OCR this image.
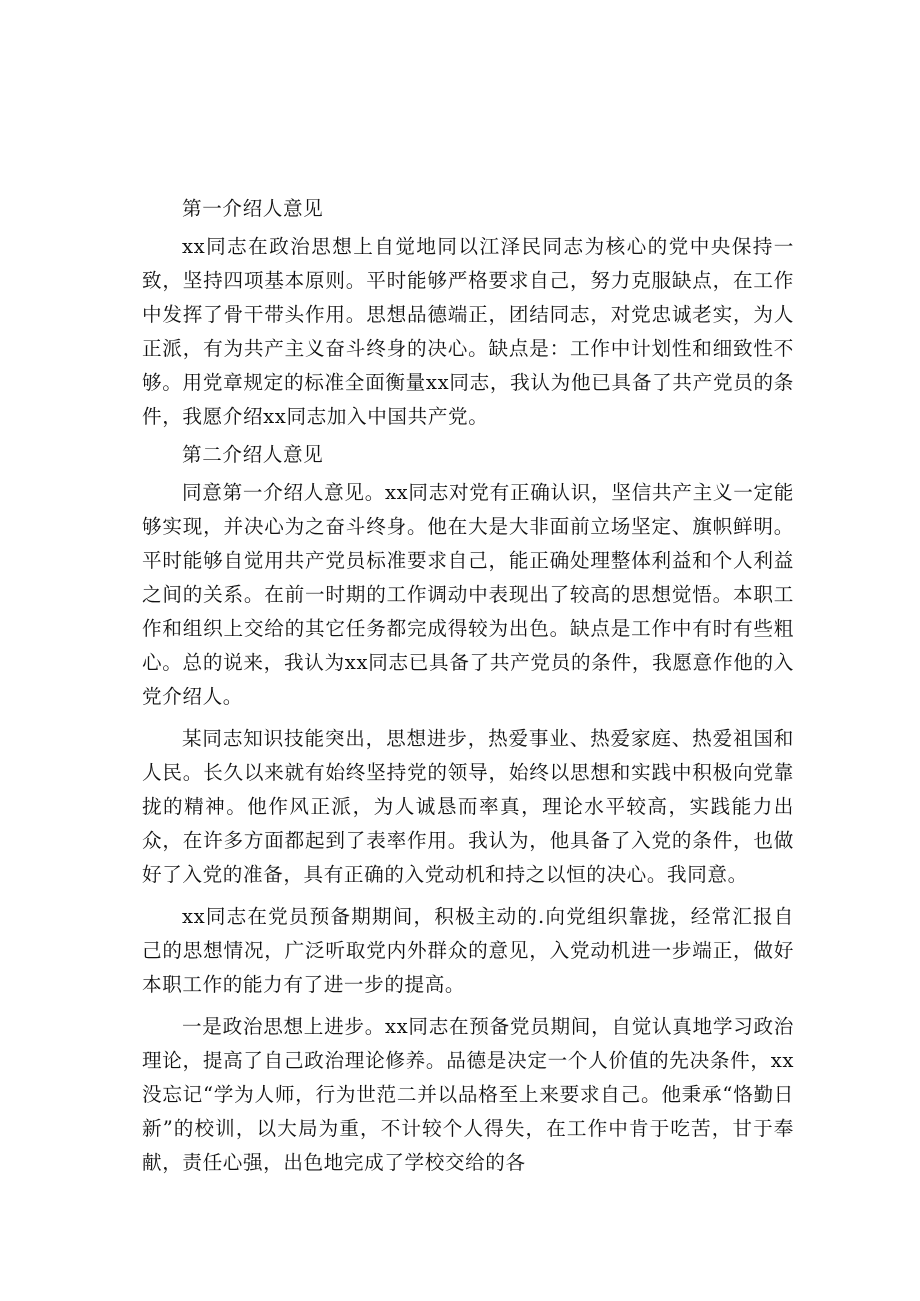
第一介绍人意见

xx同志在政治思想上自觉地同以江泽民同志为核心的党中央保持一致，坚持四项基本原则。平时能够严格要求自己，努力克服缺点，在工作中发挥了骨干带头作用。思想品德端正，团结同志，对党忠诚老实，为人正派，有为共产主义奋斗终身的决心。缺点是：工作中计划性和细致性不够。用党章规定的标准全面衡量xx同志，我认为他已具备了共产党员的条件，我愿介绍xx同志加入中国共产党。

第二介绍人意见

同意第一介绍人意见。xx同志对党有正确认识，坚信共产主义一定能够实现，并决心为之奋斗终身。他在大是大非面前立场坚定、旗帜鲜明。平时能够自觉用共产党员标准要求自己，能正确处理整体利益和个人利益之间的关系。在前一时期的工作调动中表现出了较高的思想觉悟。本职工作和组织上交给的其它任务都完成得较为出色。缺点是工作中有时有些粗心。总的说来，我认为xx同志已具备了共产党员的条件，我愿意作他的入党介绍人。

某同志知识技能突出，思想进步，热爱事业、热爱家庭、热爱祖国和人民。长久以来就有始终坚持党的领导，始终以思想和实践中积极向党靠拢的精神。他作风正派，为人诚恳而率真，理论水平较高，实践能力出众，在许多方面都起到了表率作用。我认为，他具备了入党的条件，也做好了入党的准备，具有正确的入党动机和持之以恒的决心。我同意。

xx同志在党员预备期期间，积极主动的.向党组织靠拢，经常汇报自己的思想情况，广泛听取党内外群众的意见，入党动机进一步端正，做好本职工作的能力有了进一步的提高。

一是政治思想上进步。xx同志在预备党员期间，自觉认真地学习政治理论，提高了自己政治理论修养。品德是决定一个人价值的先决条件，xx没忘记“学为人师，行为世范二并以品格至上来要求自己。他秉承“恪勤日新”的校训，以大局为重，不计较个人得失，在工作中肯于吃苦，甘于奉献，责任心强，出色地完成了学校交给的各
